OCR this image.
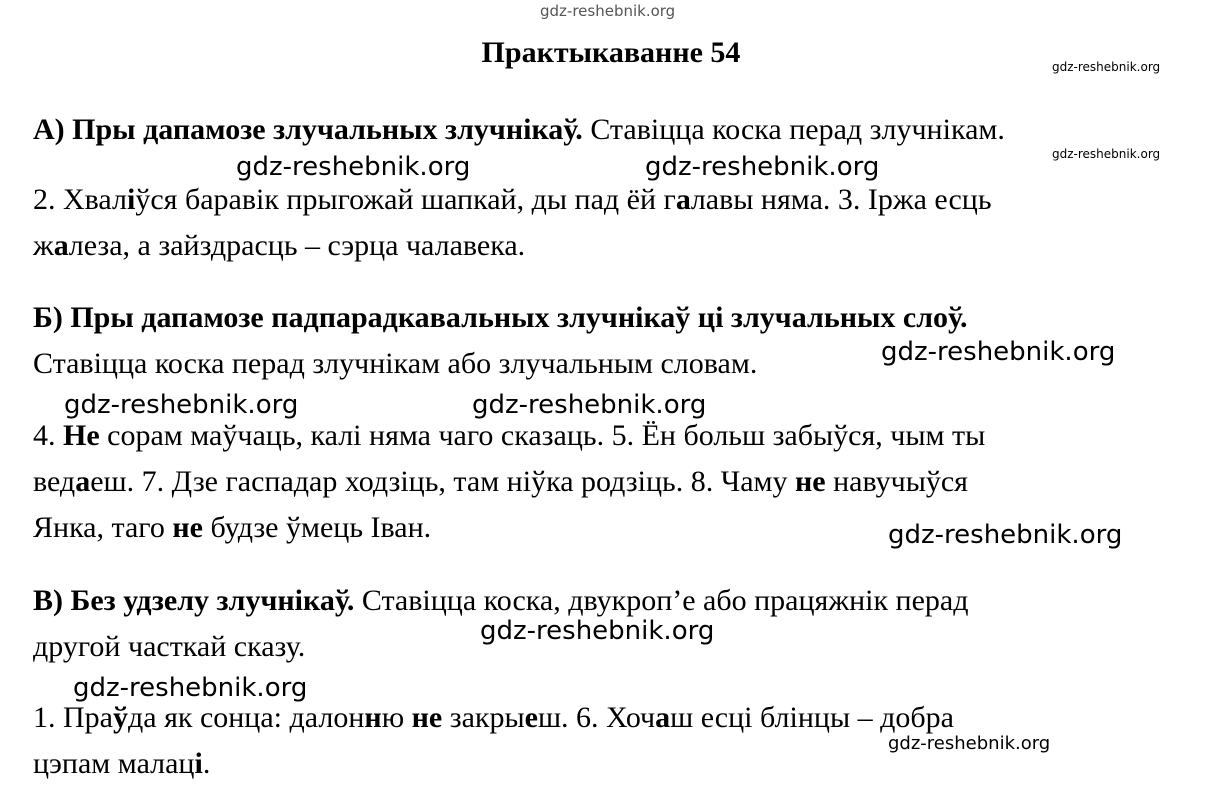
gdz-reshebnik.org
gdz-reshebnik.org
gdz-reshebnik.org
gdz-reshebnik.org	gdz-reshebnik.org
gdz-reshebnik.org
gdz-reshebnik.org	gdz-reshebnik.org
gdz-reshebnik.org
gdz-reshebnik.org
gdz-reshebnik.org
gdz-reshebnik.org
Практыкаванне 54
А) Пры дапамозе злучальных злучнікаў. Ставіцца коска перад злучнікам.
2. Хваліўся баравік прыгожай шапкай, ды пад ёй галавы няма. 3. Іржа есць
жалеза, а зайздрасць – сэрца чалавека.
Б) Пры дапамозе падпарадкавальных злучнікаў ці злучальных слоў.
Ставіцца коска перад злучнікам або злучальным словам.
4. Не сорам маўчаць, калі няма чаго сказаць. 5. Ён больш забыўся, чым ты
ведаеш. 7. Дзе гаспадар ходзіць, там ніўка родзіць. 8. Чаму не навучыўся
Янка, таго не будзе ўмець Іван.
В) Без удзелу злучнікаў. Ставіцца коска, двукроп’е або працяжнік перад
другой часткай сказу.
1. Праўда як сонца: далонню не закрыеш. 6. Хочаш есці блінцы – добра
цэпам малаці.
